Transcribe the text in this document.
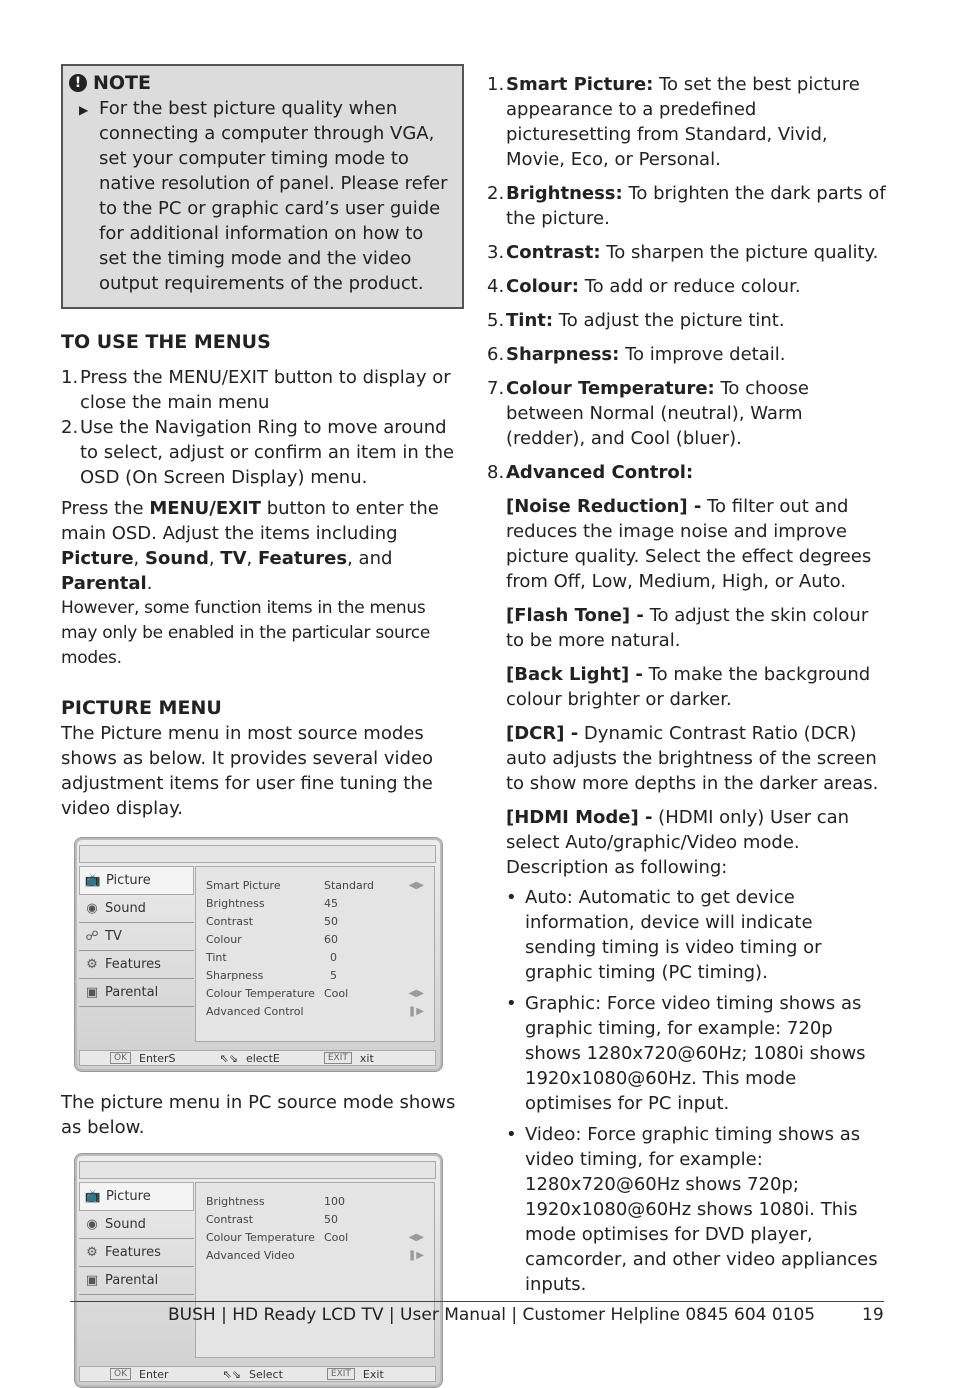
! NOTE
▶ For the best picture quality when connecting a computer through VGA, set your computer timing mode to native resolution of panel. Please refer to the PC or graphic card’s user guide for additional information on how to set the timing mode and the video output requirements of the product.
TO USE THE MENUS
1. Press the MENU/EXIT button to display or close the main menu
2. Use the Navigation Ring to move around to select, adjust or confirm an item in the OSD (On Screen Display) menu.

Press the MENU/EXIT button to enter the main OSD. Adjust the items including Picture, Sound, TV, Features, and Parental.

However, some function items in the menus may only be enabled in the particular source modes.

PICTURE MENU

The Picture menu in most source modes shows as below. It provides several video adjustment items for user fine tuning the video display.

📺 Picture
◉ Sound
☍ TV
⚙ Features
▣ Parental
Smart Picture	Standard	◀▶
Brightness	45
Contrast	50
Colour	60
Tint	0
Sharpness	5
Colour Temperature Cool	◀▶
Advanced Control	❚▶
OK	EnterS	⇖⇘ electE	EXIT	xit

The picture menu in PC source mode shows as below.

📺 Picture
◉ Sound
⚙ Features
▣ Parental
Brightness	100
Contrast	50
Colour Temperature Cool	◀▶
Advanced Video	❚▶
OK	Enter	⇖⇘ Select	EXIT	Exit
1. Smart Picture: To set the best picture appearance to a predefined picturesetting from Standard, Vivid, Movie, Eco, or Personal.
2. Brightness: To brighten the dark parts of the picture.
3. Contrast: To sharpen the picture quality.
4. Colour: To add or reduce colour.
5. Tint: To adjust the picture tint.
6. Sharpness: To improve detail.
7. Colour Temperature: To choose between Normal (neutral), Warm (redder), and Cool (bluer).
8. Advanced Control:
[Noise Reduction] - To filter out and reduces the image noise and improve picture quality. Select the effect degrees from Off, Low, Medium, High, or Auto.
[Flash Tone] - To adjust the skin colour to be more natural.
[Back Light] - To make the background colour brighter or darker.
[DCR] - Dynamic Contrast Ratio (DCR) auto adjusts the brightness of the screen to show more depths in the darker areas.
[HDMI Mode] - (HDMI only) User can select Auto/graphic/Video mode. Description as following:
• Auto: Automatic to get device information, device will indicate sending timing is video timing or graphic timing (PC timing).
• Graphic: Force video timing shows as graphic timing, for example: 720p shows 1280x720@60Hz; 1080i shows 1920x1080@60Hz. This mode optimises for PC input.
• Video: Force graphic timing shows as video timing, for example: 1280x720@60Hz shows 720p; 1920x1080@60Hz shows 1080i. This mode optimises for DVD player, camcorder, and other video appliances inputs.
BUSH | HD Ready LCD TV | User Manual | Customer Helpline 0845 604 0105	19
